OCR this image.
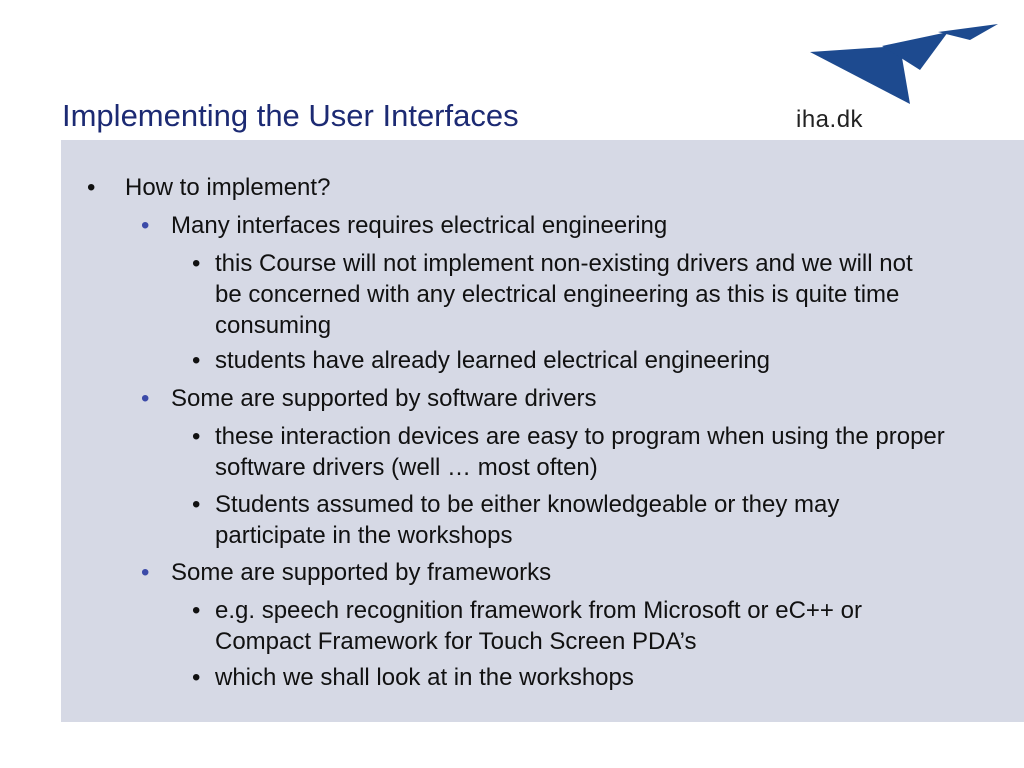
Implementing the User Interfaces	iha.dk
• How to implement?
• Many interfaces requires electrical engineering
• this Course will not implement non-existing drivers and we will not be concerned with any electrical engineering as this is quite time consuming
• students have already learned electrical engineering
• Some are supported by software drivers
• these interaction devices are easy to program when using the proper software drivers (well … most often)
• Students assumed to be either knowledgeable or they may participate in the workshops
• Some are supported by frameworks
• e.g. speech recognition framework from Microsoft or eC++ or Compact Framework for Touch Screen PDA’s
• which we shall look at in the workshops
